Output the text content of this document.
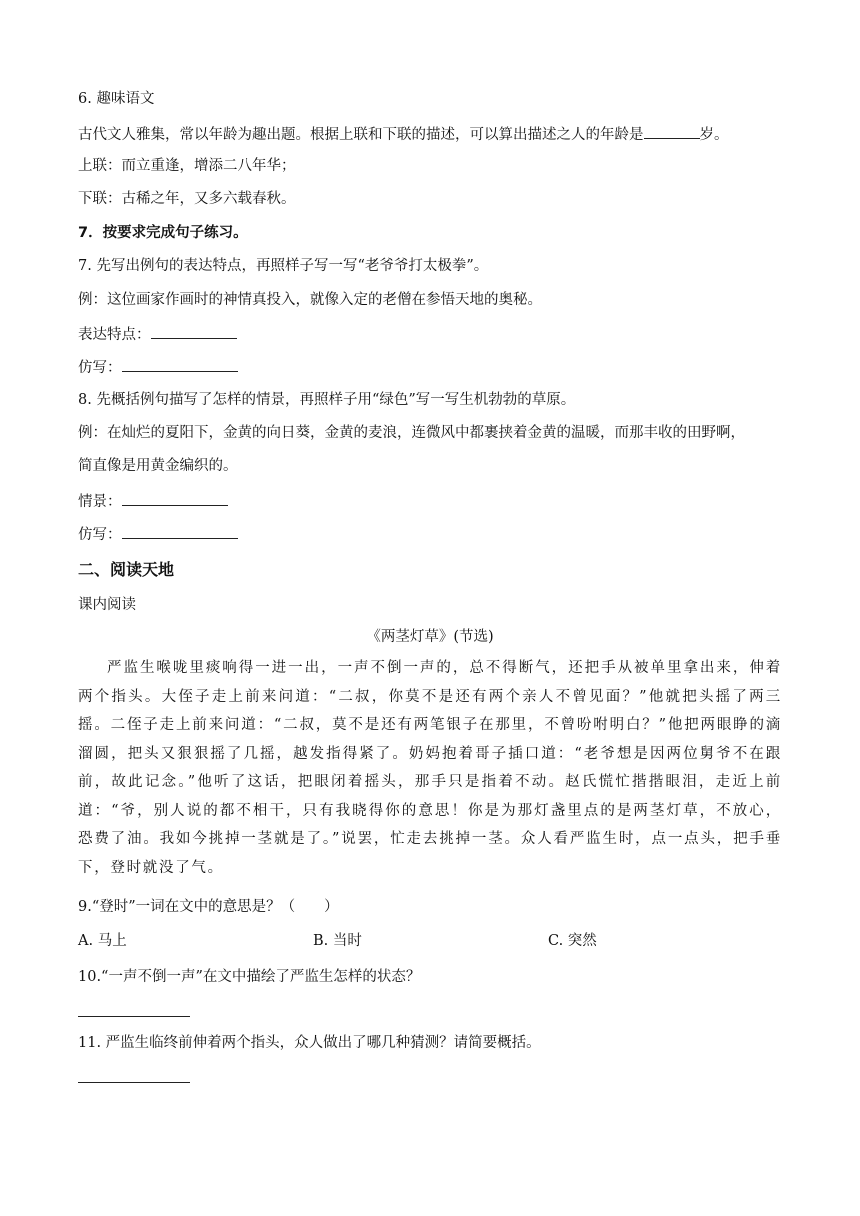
6. 趣味语文
古代文人雅集，常以年龄为趣出题。根据上联和下联的描述，可以算出描述之人的年龄是	岁。
上联：而立重逢，增添二八年华；
下联：古稀之年，又多六载春秋。
7．按要求完成句子练习。
7. 先写出例句的表达特点，再照样子写一写“老爷爷打太极拳”。
例：这位画家作画时的神情真投入，就像入定的老僧在参悟天地的奥秘。
表达特点：
仿写：
8. 先概括例句描写了怎样的情景，再照样子用“绿色”写一写生机勃勃的草原。
例：在灿烂的夏阳下，金黄的向日葵，金黄的麦浪，连微风中都裹挟着金黄的温暖，而那丰收的田野啊，
简直像是用黄金编织的。
情景：
仿写：
二、阅读天地
课内阅读
《两茎灯草》(节选)
严监生喉咙里痰响得一进一出，一声不倒一声的，总不得断气，还把手从被单里拿出来，伸着两个指头。大侄子走上前来问道：“二叔，你莫不是还有两个亲人不曾见面？”他就把头摇了两三摇。二侄子走上前来问道：“二叔，莫不是还有两笔银子在那里，不曾吩咐明白？”他把两眼睁的滴溜圆，把头又狠狠摇了几摇，越发指得紧了。奶妈抱着哥子插口道：“老爷想是因两位舅爷不在跟前，故此记念。”他听了这话，把眼闭着摇头，那手只是指着不动。赵氏慌忙揩揩眼泪，走近上前道：“爷，别人说的都不相干，只有我晓得你的意思！你是为那灯盏里点的是两茎灯草，不放心，恐费了油。我如今挑掉一茎就是了。”说罢，忙走去挑掉一茎。众人看严监生时，点一点头，把手垂下，登时就没了气。
9.“登时”一词在文中的意思是？（　　）
A. 马上	B. 当时	C. 突然
10.“一声不倒一声”在文中描绘了严监生怎样的状态？
11. 严监生临终前伸着两个指头，众人做出了哪几种猜测？请简要概括。
